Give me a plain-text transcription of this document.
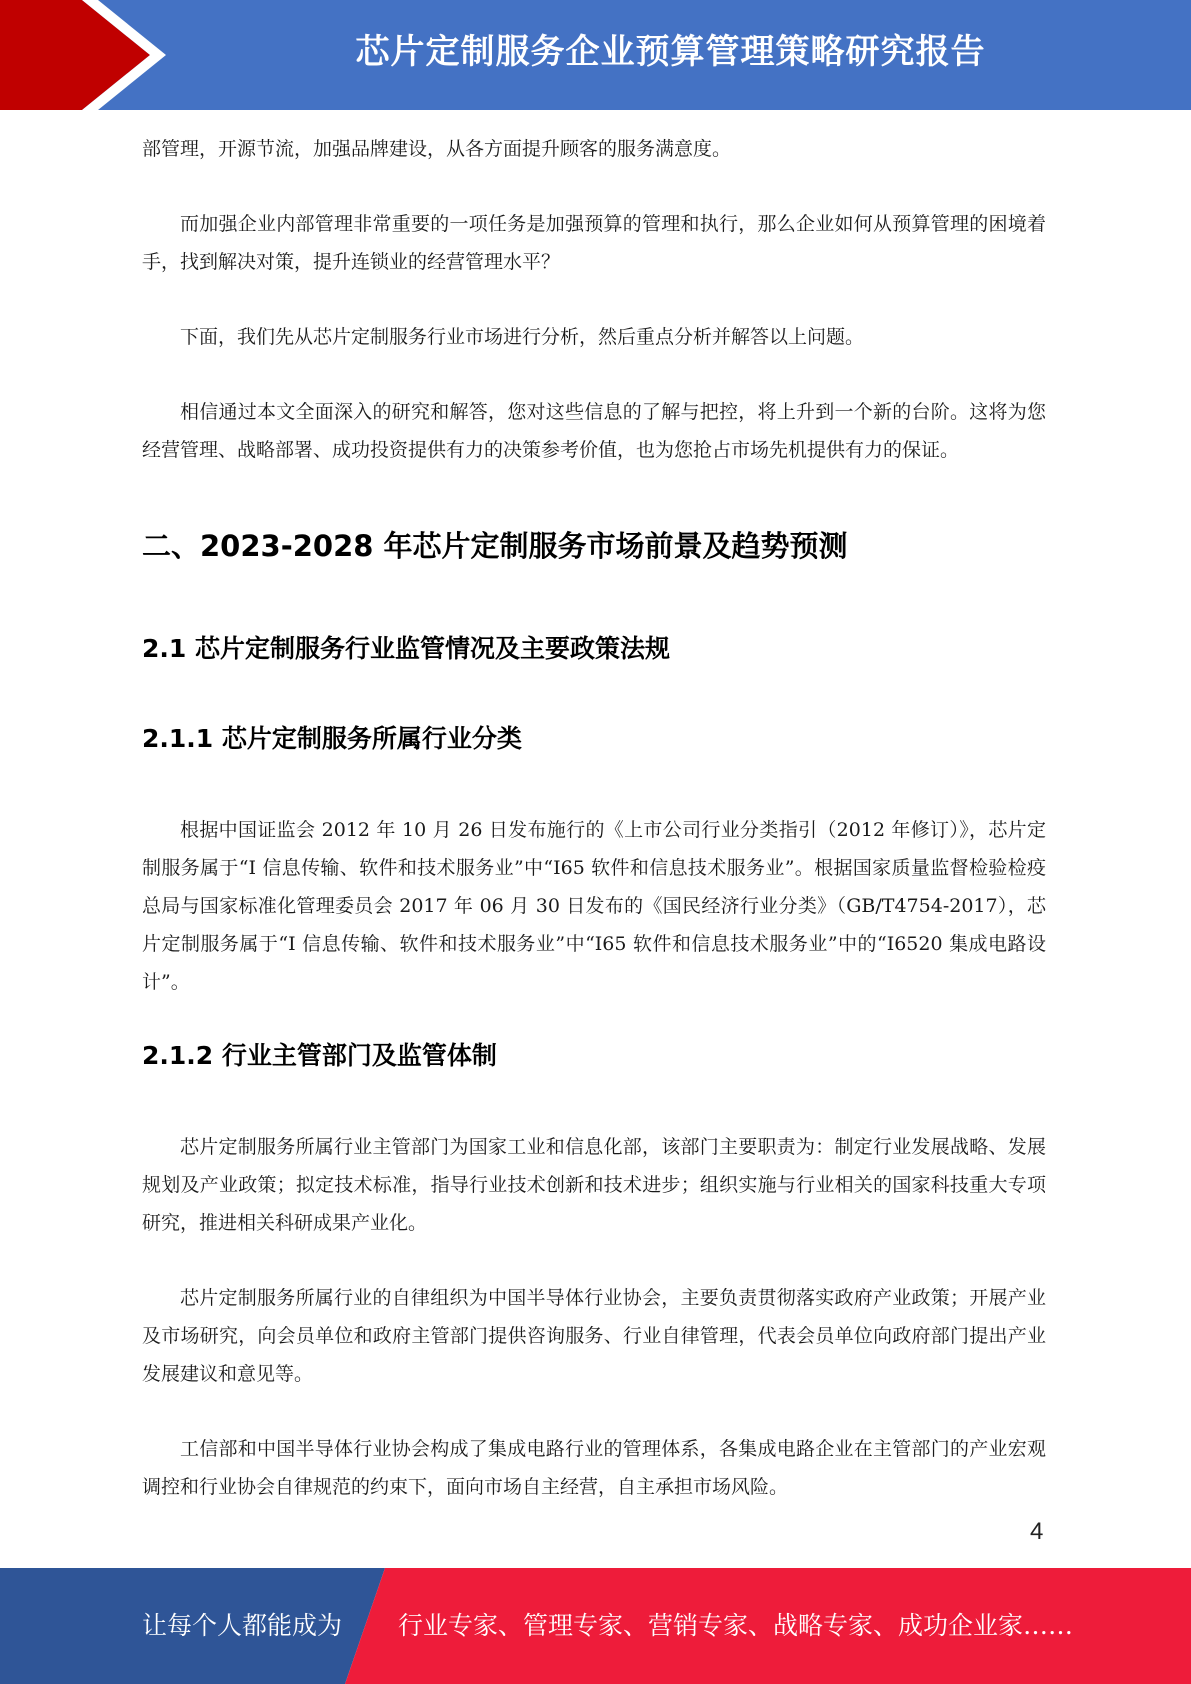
芯片定制服务企业预算管理策略研究报告

部管理，开源节流，加强品牌建设，从各方面提升顾客的服务满意度。

而加强企业内部管理非常重要的一项任务是加强预算的管理和执行，那么企业如何从预算管理的困境着手，找到解决对策，提升连锁业的经营管理水平？

下面，我们先从芯片定制服务行业市场进行分析，然后重点分析并解答以上问题。

相信通过本文全面深入的研究和解答，您对这些信息的了解与把控，将上升到一个新的台阶。这将为您经营管理、战略部署、成功投资提供有力的决策参考价值，也为您抢占市场先机提供有力的保证。

二、2023-2028 年芯片定制服务市场前景及趋势预测
2.1 芯片定制服务行业监管情况及主要政策法规
2.1.1 芯片定制服务所属行业分类

根据中国证监会 2012 年 10 月 26 日发布施行的《上市公司行业分类指引（2012 年修订）》，芯片定制服务属于“I 信息传输、软件和技术服务业”中“I65 软件和信息技术服务业”。根据国家质量监督检验检疫总局与国家标准化管理委员会 2017 年 06 月 30 日发布的《国民经济行业分类》（GB/T4754-2017），芯片定制服务属于“I 信息传输、软件和技术服务业”中“I65 软件和信息技术服务业”中的“I6520 集成电路设计”。

2.1.2 行业主管部门及监管体制

芯片定制服务所属行业主管部门为国家工业和信息化部，该部门主要职责为：制定行业发展战略、发展规划及产业政策；拟定技术标准，指导行业技术创新和技术进步；组织实施与行业相关的国家科技重大专项研究，推进相关科研成果产业化。

芯片定制服务所属行业的自律组织为中国半导体行业协会，主要负责贯彻落实政府产业政策；开展产业及市场研究，向会员单位和政府主管部门提供咨询服务、行业自律管理，代表会员单位向政府部门提出产业发展建议和意见等。

工信部和中国半导体行业协会构成了集成电路行业的管理体系，各集成电路企业在主管部门的产业宏观调控和行业协会自律规范的约束下，面向市场自主经营，自主承担市场风险。

4
让每个人都能成为 行业专家、管理专家、营销专家、战略专家、成功企业家……
